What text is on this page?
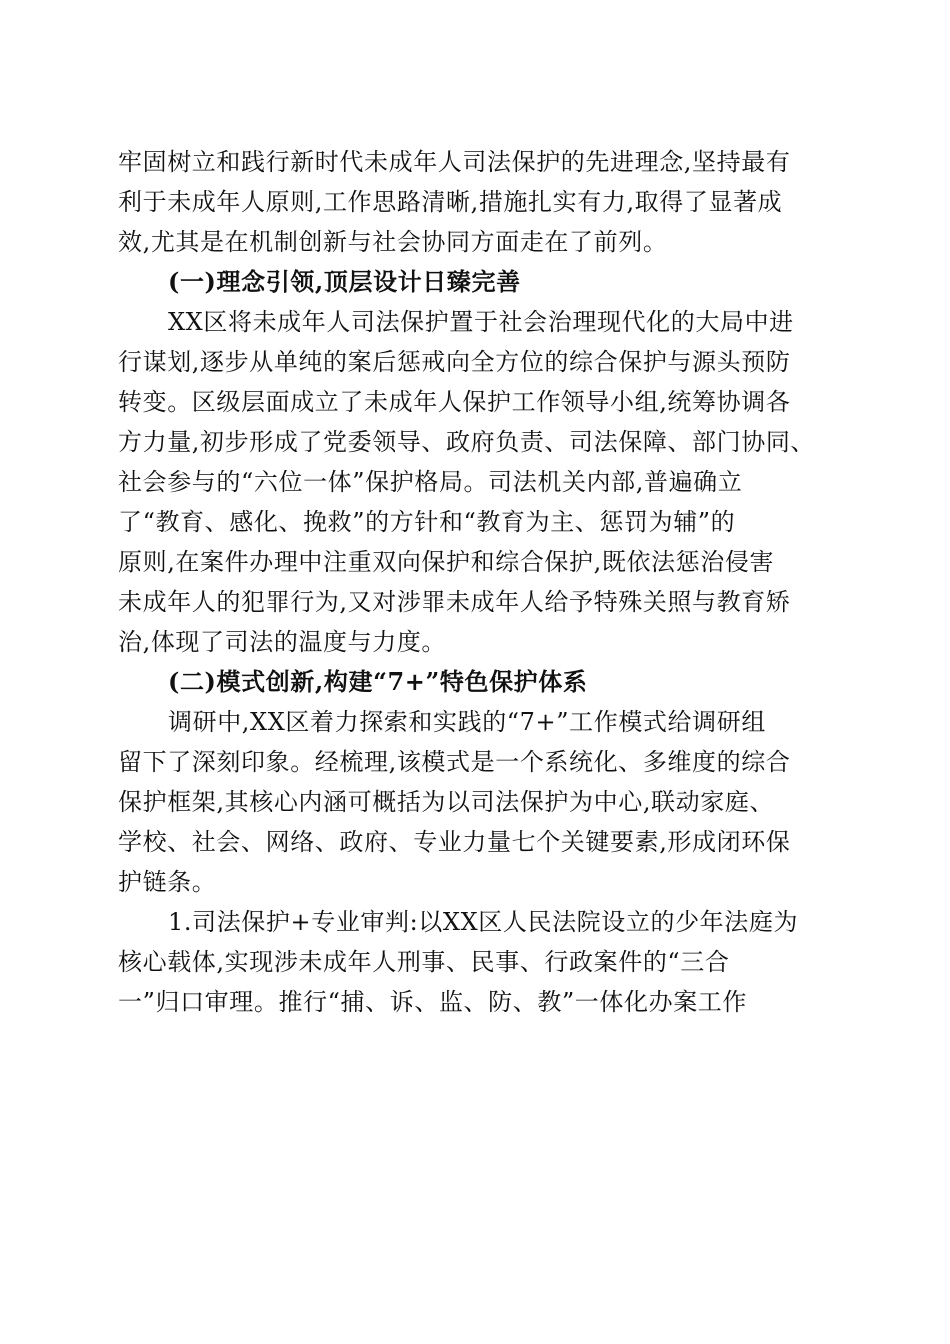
牢固树立和践行新时代未成年人司法保护的先进理念,坚持最有
利于未成年人原则,工作思路清晰,措施扎实有力,取得了显著成
效,尤其是在机制创新与社会协同方面走在了前列。
(一)理念引领,顶层设计日臻完善
XX区将未成年人司法保护置于社会治理现代化的大局中进
行谋划,逐步从单纯的案后惩戒向全方位的综合保护与源头预防
转变。区级层面成立了未成年人保护工作领导小组,统筹协调各
方力量,初步形成了党委领导、政府负责、司法保障、部门协同、
社会参与的“六位一体”保护格局。司法机关内部,普遍确立
了“教育、感化、挽救”的方针和“教育为主、惩罚为辅”的
原则,在案件办理中注重双向保护和综合保护,既依法惩治侵害
未成年人的犯罪行为,又对涉罪未成年人给予特殊关照与教育矫
治,体现了司法的温度与力度。
(二)模式创新,构建“7+”特色保护体系
调研中,XX区着力探索和实践的“7+”工作模式给调研组
留下了深刻印象。经梳理,该模式是一个系统化、多维度的综合
保护框架,其核心内涵可概括为以司法保护为中心,联动家庭、
学校、社会、网络、政府、专业力量七个关键要素,形成闭环保
护链条。
1.司法保护+专业审判:以XX区人民法院设立的少年法庭为
核心载体,实现涉未成年人刑事、民事、行政案件的“三合
一”归口审理。推行“捕、诉、监、防、教”一体化办案工作
